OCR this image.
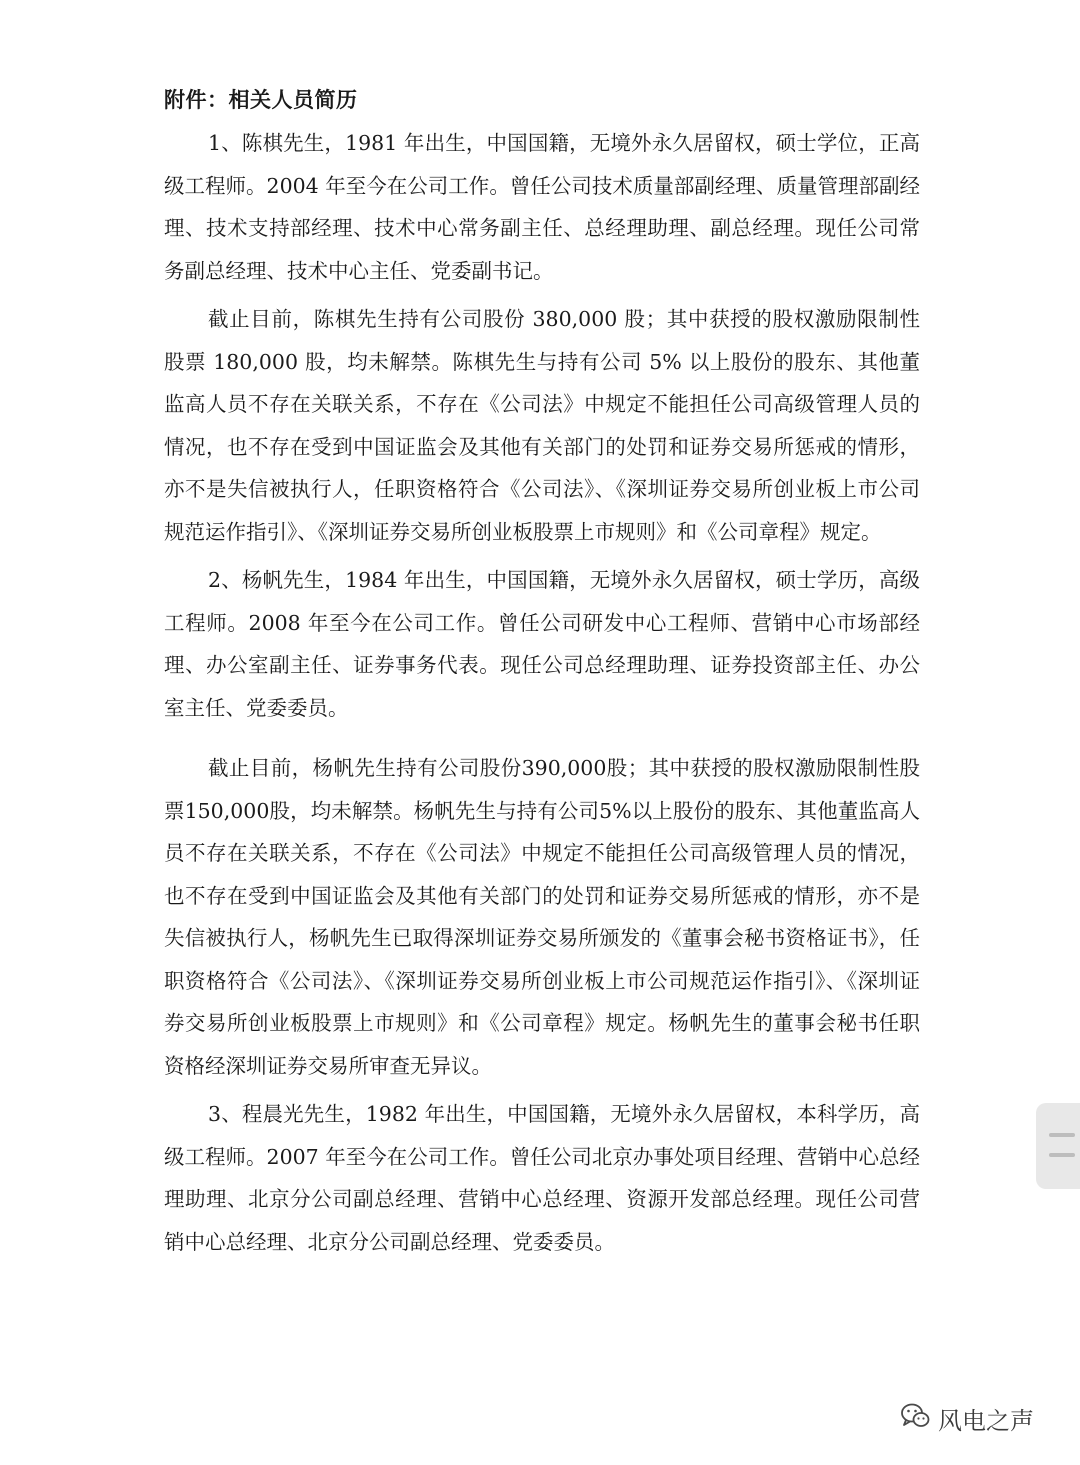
附件：相关人员简历

1、陈棋先生，1981 年出生，中国国籍，无境外永久居留权，硕士学位，正高级工程师。2004 年至今在公司工作。曾任公司技术质量部副经理、质量管理部副经理、技术支持部经理、技术中心常务副主任、总经理助理、副总经理。现任公司常务副总经理、技术中心主任、党委副书记。

截止目前，陈棋先生持有公司股份 380,000 股；其中获授的股权激励限制性股票 180,000 股，均未解禁。陈棋先生与持有公司 5% 以上股份的股东、其他董监高人员不存在关联关系，不存在《公司法》中规定不能担任公司高级管理人员的情况，也不存在受到中国证监会及其他有关部门的处罚和证券交易所惩戒的情形，亦不是失信被执行人，任职资格符合《公司法》、《深圳证券交易所创业板上市公司规范运作指引》、《深圳证券交易所创业板股票上市规则》和《公司章程》规定。

2、杨帆先生，1984 年出生，中国国籍，无境外永久居留权，硕士学历，高级工程师。2008 年至今在公司工作。曾任公司研发中心工程师、营销中心市场部经理、办公室副主任、证券事务代表。现任公司总经理助理、证券投资部主任、办公室主任、党委委员。

截止目前，杨帆先生持有公司股份390,000股；其中获授的股权激励限制性股票150,000股，均未解禁。杨帆先生与持有公司5%以上股份的股东、其他董监高人员不存在关联关系，不存在《公司法》中规定不能担任公司高级管理人员的情况，也不存在受到中国证监会及其他有关部门的处罚和证券交易所惩戒的情形，亦不是失信被执行人，杨帆先生已取得深圳证券交易所颁发的《董事会秘书资格证书》，任职资格符合《公司法》、《深圳证券交易所创业板上市公司规范运作指引》、《深圳证券交易所创业板股票上市规则》和《公司章程》规定。杨帆先生的董事会秘书任职资格经深圳证券交易所审查无异议。

3、程晨光先生，1982 年出生，中国国籍，无境外永久居留权，本科学历，高级工程师。2007 年至今在公司工作。曾任公司北京办事处项目经理、营销中心总经理助理、北京分公司副总经理、营销中心总经理、资源开发部总经理。现任公司营销中心总经理、北京分公司副总经理、党委委员。

风电之声
